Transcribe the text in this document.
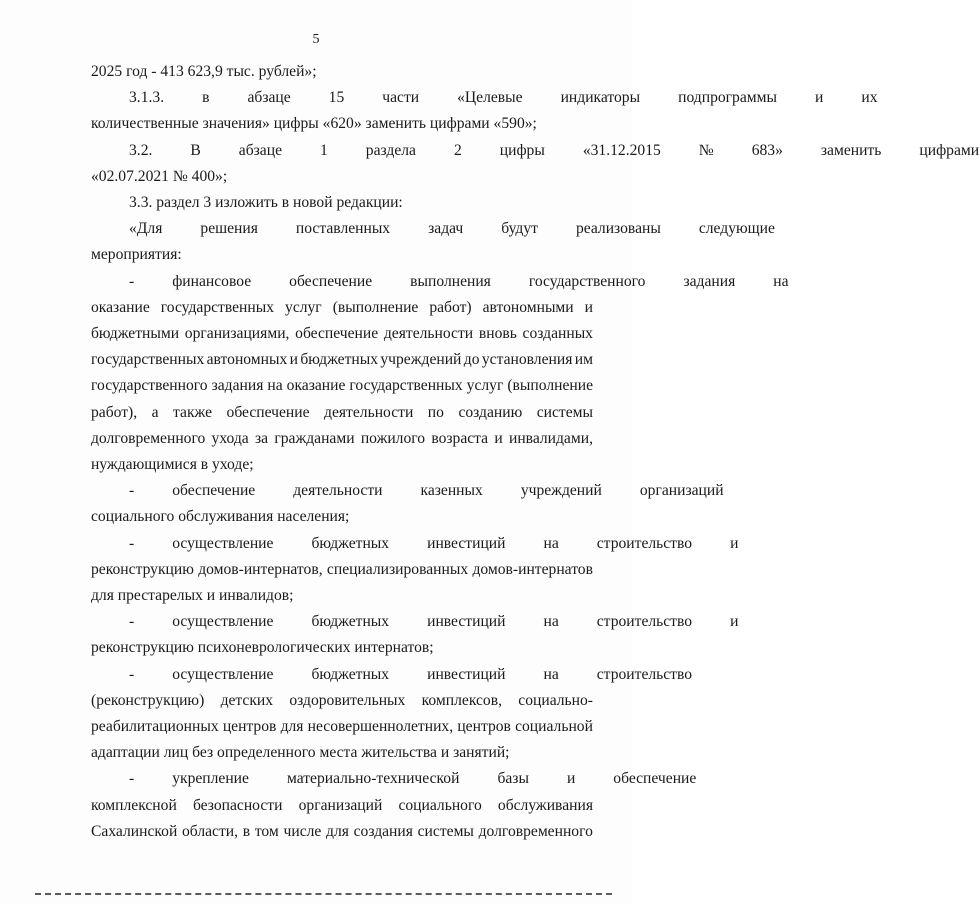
5
2025 год - 413 623,9 тыс. рублей»;
3.1.3.	в	абзаце	15	части	«Целевые	индикаторы	подпрограммы	и	их
количественные значения» цифры «620» заменить цифрами «590»;
3.2.	В	абзаце	1	раздела	2	цифры	«31.12.2015	№	683»	заменить	цифрами
«02.07.2021 № 400»;
3.3. раздел 3 изложить в новой редакции:
«Для	решения	поставленных	задач	будут	реализованы	следующие
мероприятия:
-	финансовое	обеспечение	выполнения	государственного	задания	на
оказание государственных услуг (выполнение работ) автономными и
бюджетными организациями, обеспечение деятельности вновь созданных
государственных автономных и бюджетных учреждений до установления им
государственного задания на оказание государственных услуг (выполнение
работ), а также обеспечение деятельности по созданию системы
долговременного ухода за гражданами пожилого возраста и инвалидами,
нуждающимися в уходе;
-	обеспечение	деятельности	казенных	учреждений	организаций
социального обслуживания населения;
-	осуществление	бюджетных	инвестиций	на	строительство	и
реконструкцию домов-интернатов, специализированных домов-интернатов
для престарелых и инвалидов;
-	осуществление	бюджетных	инвестиций	на	строительство	и
реконструкцию психоневрологических интернатов;
-	осуществление	бюджетных	инвестиций	на	строительство
(реконструкцию) детских оздоровительных комплексов, социально-
реабилитационных центров для несовершеннолетних, центров социальной
адаптации лиц без определенного места жительства и занятий;
-	укрепление	материально-технической	базы	и	обеспечение
комплексной безопасности организаций социального обслуживания
Сахалинской области, в том числе для создания системы долговременного
